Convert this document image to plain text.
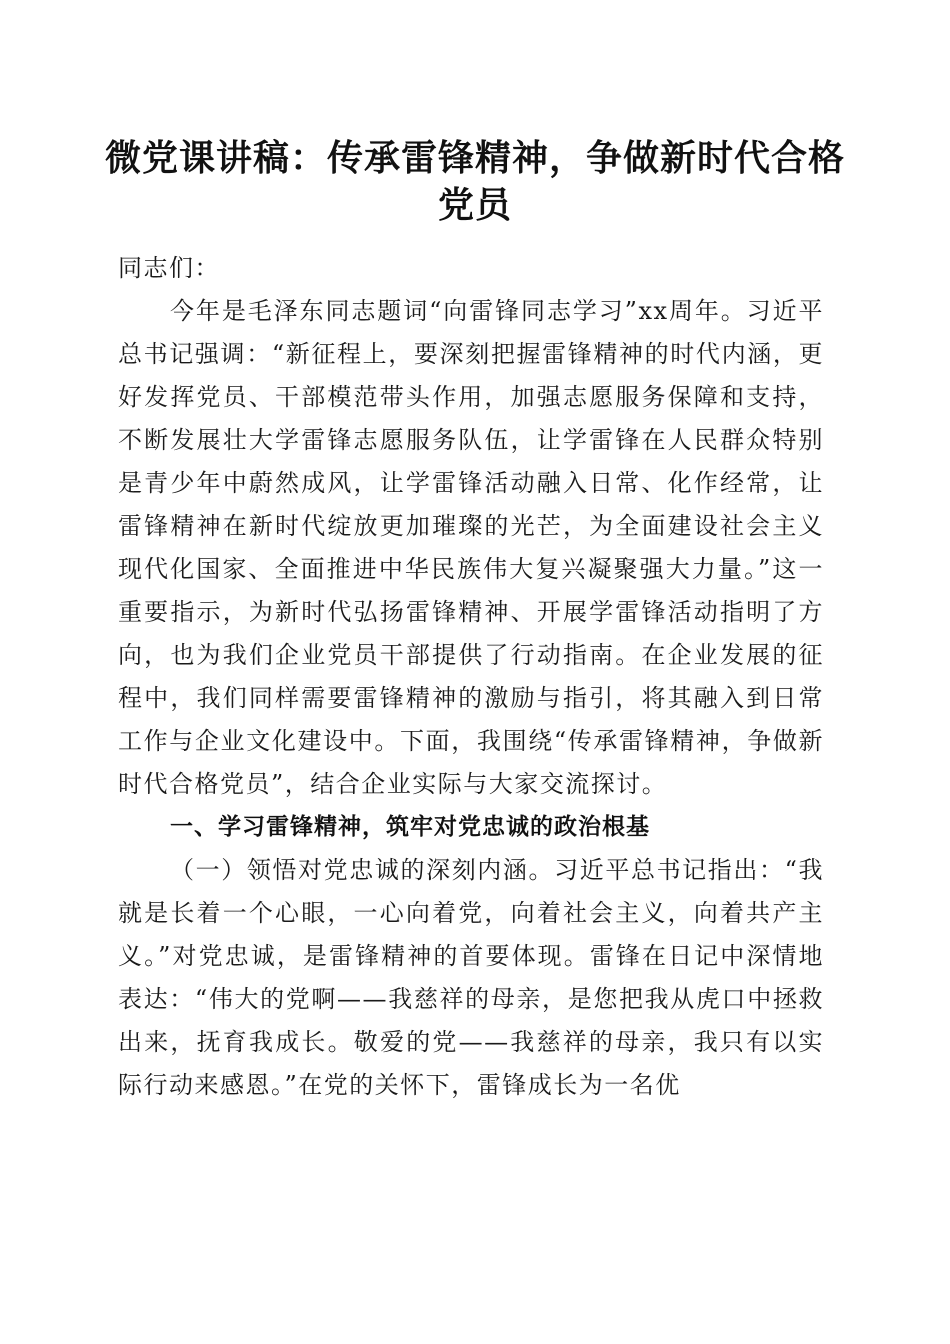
微党课讲稿：传承雷锋精神，争做新时代合格
党员

同志们：

今年是毛泽东同志题词“向雷锋同志学习”xx周年。习近平总书记强调：“新征程上，要深刻把握雷锋精神的时代内涵，更好发挥党员、干部模范带头作用，加强志愿服务保障和支持，不断发展壮大学雷锋志愿服务队伍，让学雷锋在人民群众特别是青少年中蔚然成风，让学雷锋活动融入日常、化作经常，让雷锋精神在新时代绽放更加璀璨的光芒，为全面建设社会主义现代化国家、全面推进中华民族伟大复兴凝聚强大力量。”这一重要指示，为新时代弘扬雷锋精神、开展学雷锋活动指明了方向，也为我们企业党员干部提供了行动指南。在企业发展的征程中，我们同样需要雷锋精神的激励与指引，将其融入到日常工作与企业文化建设中。下面，我围绕“传承雷锋精神，争做新时代合格党员”，结合企业实际与大家交流探讨。

一、学习雷锋精神，筑牢对党忠诚的政治根基

（一）领悟对党忠诚的深刻内涵。习近平总书记指出：“我就是长着一个心眼，一心向着党，向着社会主义，向着共产主义。”对党忠诚，是雷锋精神的首要体现。雷锋在日记中深情地表达：“伟大的党啊——我慈祥的母亲，是您把我从虎口中拯救出来，抚育我成长。敬爱的党——我慈祥的母亲，我只有以实际行动来感恩。”在党的关怀下，雷锋成长为一名优
